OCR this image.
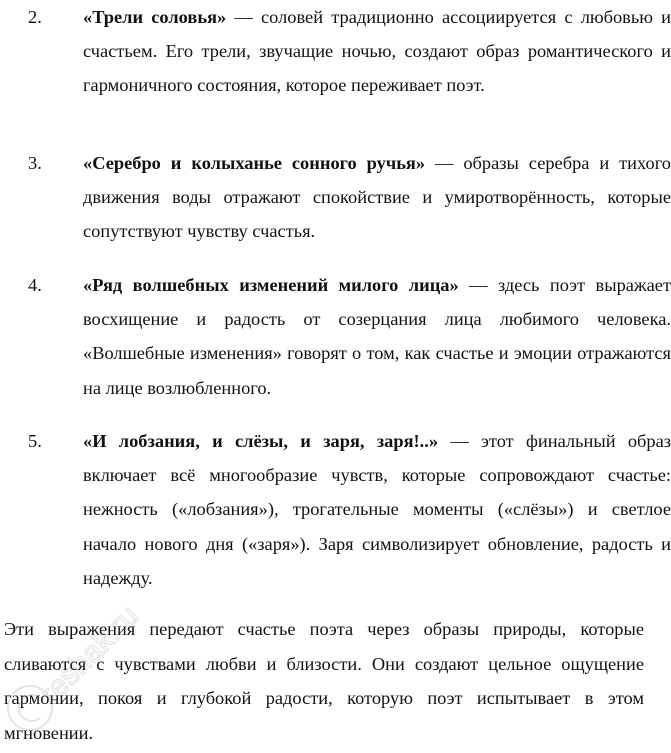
2.	«Трели соловья» — соловей традиционно ассоциируется с любовью и счастьем. Его трели, звучащие ночью, создают образ романтического и гармоничного состояния, которое переживает поэт.
3.	«Серебро и колыханье сонного ручья» — образы серебра и тихого движения воды отражают спокойствие и умиротворённость, которые сопутствуют чувству счастья.
4.	«Ряд волшебных изменений милого лица» — здесь поэт выражает восхищение и радость от созерцания лица любимого человека. «Волшебные изменения» говорят о том, как счастье и эмоции отражаются на лице возлюбленного.
5.	«И лобзания, и слёзы, и заря, заря!..» — этот финальный образ включает всё многообразие чувств, которые сопровождают счастье: нежность («лобзания»), трогательные моменты («слёзы») и светлое начало нового дня («заря»). Заря символизирует обновление, радость и надежду.

Эти выражения передают счастье поэта через образы природы, которые сливаются с чувствами любви и близости. Они создают цельное ощущение гармонии, покоя и глубокой радости, которую поэт испытывает в этом мгновении.

reshak.ru
